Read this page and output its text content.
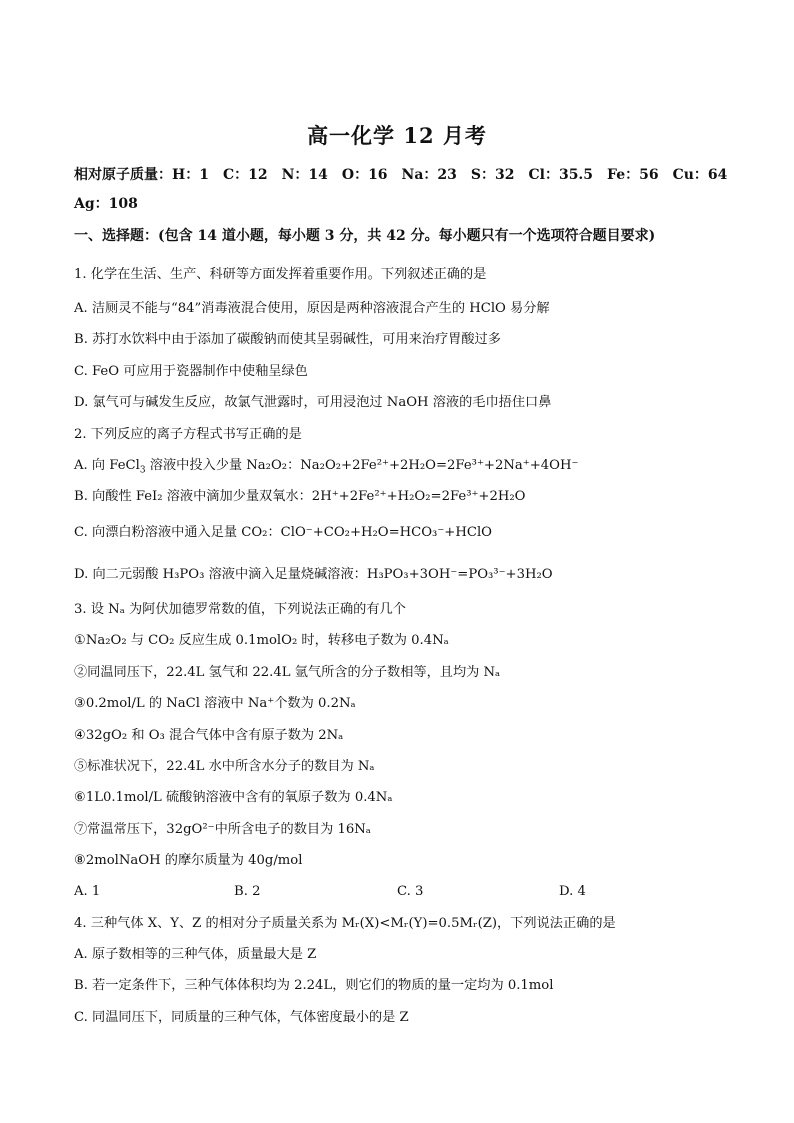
高一化学 12 月考
相对原子质量：H：1　C：12　N：14　O：16　Na：23　S：32　Cl：35.5　Fe：56　Cu：64
Ag：108
一、选择题：(包含 14 道小题，每小题 3 分，共 42 分。每小题只有一个选项符合题目要求)
1. 化学在生活、生产、科研等方面发挥着重要作用。下列叙述正确的是
A. 洁厕灵不能与“84”消毒液混合使用，原因是两种溶液混合产生的 HClO 易分解
B. 苏打水饮料中由于添加了碳酸钠而使其呈弱碱性，可用来治疗胃酸过多
C. FeO 可应用于瓷器制作中使釉呈绿色
D. 氯气可与碱发生反应，故氯气泄露时，可用浸泡过 NaOH 溶液的毛巾捂住口鼻
2. 下列反应的离子方程式书写正确的是
A. 向 FeCl$_3$ 溶液中投入少量 Na₂O₂：Na₂O₂+2Fe²⁺+2H₂O=2Fe³⁺+2Na⁺+4OH⁻
B. 向酸性 FeI₂ 溶液中滴加少量双氧水：2H⁺+2Fe²⁺+H₂O₂=2Fe³⁺+2H₂O
C. 向漂白粉溶液中通入足量 CO₂：ClO⁻+CO₂+H₂O=HCO₃⁻+HClO
D. 向二元弱酸 H₃PO₃ 溶液中滴入足量烧碱溶液：H₃PO₃+3OH⁻=PO₃³⁻+3H₂O
3. 设 Nₐ 为阿伏加德罗常数的值，下列说法正确的有几个
①Na₂O₂ 与 CO₂ 反应生成 0.1molO₂ 时，转移电子数为 0.4Nₐ
②同温同压下，22.4L 氢气和 22.4L 氩气所含的分子数相等，且均为 Nₐ
③0.2mol/L 的 NaCl 溶液中 Na⁺个数为 0.2Nₐ
④32gO₂ 和 O₃ 混合气体中含有原子数为 2Nₐ
⑤标准状况下，22.4L 水中所含水分子的数目为 Nₐ
⑥1L0.1mol/L 硫酸钠溶液中含有的氧原子数为 0.4Nₐ
⑦常温常压下，32gO²⁻中所含电子的数目为 16Nₐ
⑧2molNaOH 的摩尔质量为 40g/mol
A. 1	B. 2	C. 3	D. 4
4. 三种气体 X、Y、Z 的相对分子质量关系为 Mᵣ(X)<Mᵣ(Y)=0.5Mᵣ(Z)，下列说法正确的是
A. 原子数相等的三种气体，质量最大是 Z
B. 若一定条件下，三种气体体积均为 2.24L，则它们的物质的量一定均为 0.1mol
C. 同温同压下，同质量的三种气体，气体密度最小的是 Z
